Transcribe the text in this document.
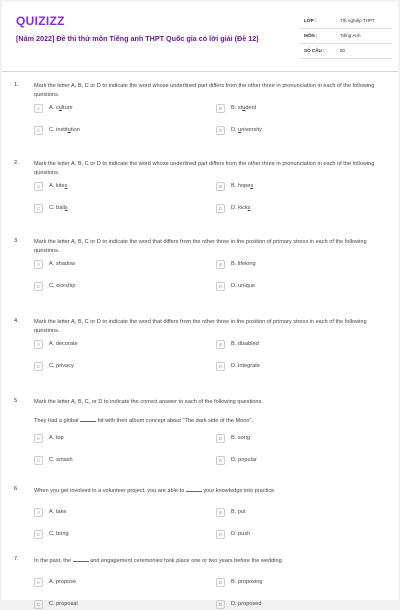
QUIZIZZ
[Năm 2022] Đề thi thử môn Tiếng anh THPT Quốc gia có lời giải (Đề 12)
LỚP :	Tốt nghiệp THPT
MÔN :	Tiếng Anh
SỐ CÂU :	50
1.	Mark the letter A, B, C or D to indicate the word whose underlined part differs from the other three in pronunciation in each of the following questions.
A	A. culture	B	B. student
C	C. institution	D	D. university
2.	Mark the letter A, B, C or D to indicate the word whose underlined part differs from the other three in pronunciation in each of the following questions.
A	A. kites	B	B. hopes
C	C. balls	D	D. kicks
3.	Mark the letter A, B, C or D to indicate the word that differs from the other three in the position of primary stress in each of the following questions.
A	A. shadow	B	B. lifelong
C	C. worship	D	D. unique
4.	Mark the letter A, B, C or D to indicate the word that differs from the other three in the position of primary stress in each of the following questions.
A	A. decorate	B	B. disabled
C	C. privacy	D	D. integrate
5.	Mark the letter A, B, C, or D to indicate the correct answer to each of the following questions.
They had a global	hit with their album concept about "The dark side of the Moon".
A	A. top	B	B. song
C	C. smash	D	D. popular
6.	When you get involved in a volunteer project, you are able to	your knowledge into practice.
A	A. take	B	B. put
C	C. bring	D	D. push
7.	In the past, the	and engagement ceremonies took place one or two years before the wedding.
A	A. propose	B	B. proposing
C	C. proposal	D	D. proposed
